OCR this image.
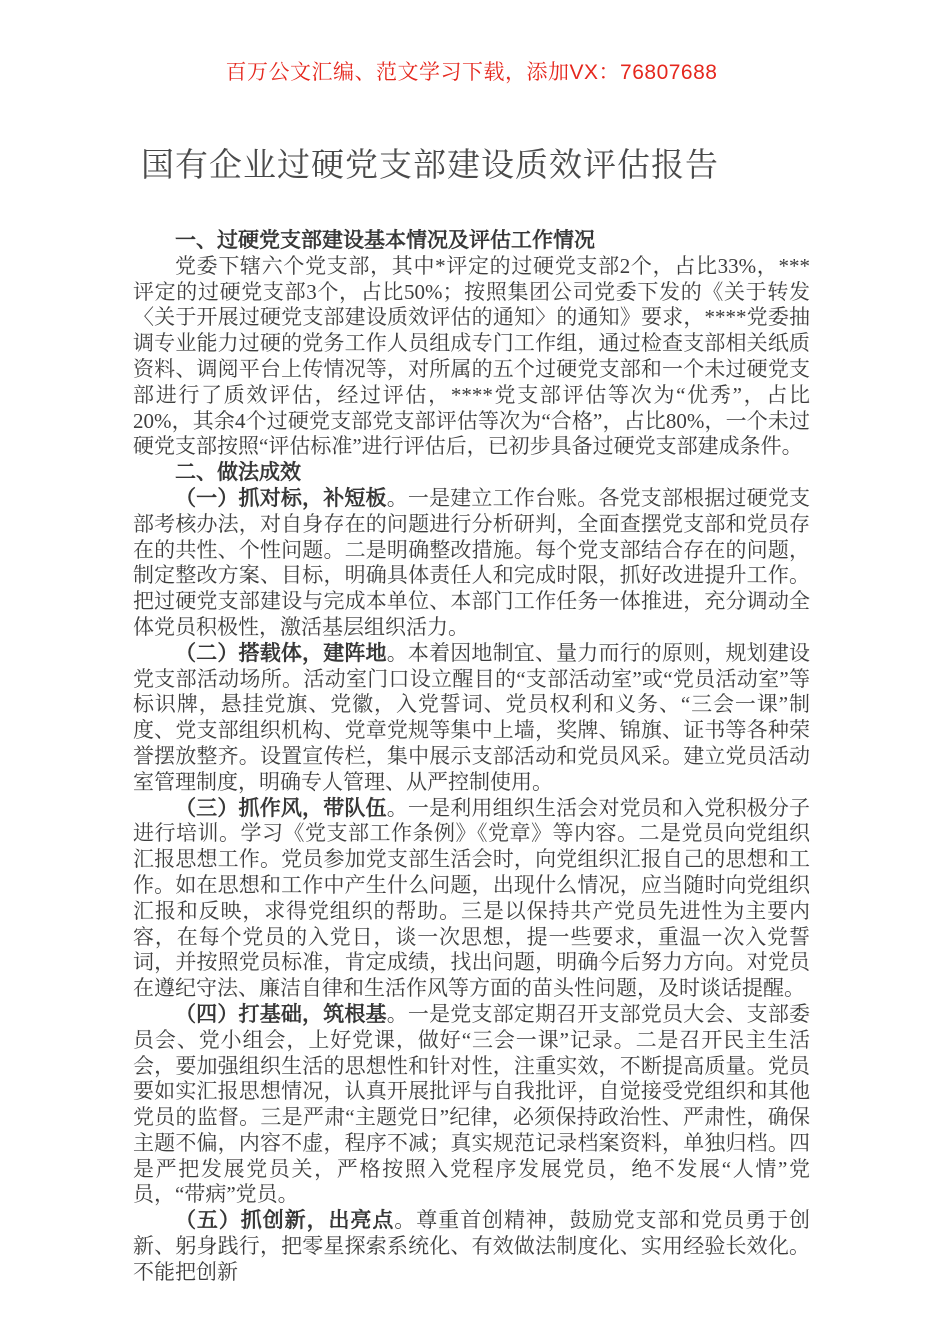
百万公文汇编、范文学习下载，添加VX：76807688
国有企业过硬党支部建设质效评估报告

一、过硬党支部建设基本情况及评估工作情况

党委下辖六个党支部，其中*评定的过硬党支部2个，占比33%，***评定的过硬党支部3个，占比50%；按照集团公司党委下发的《关于转发〈关于开展过硬党支部建设质效评估的通知〉的通知》要求，****党委抽调专业能力过硬的党务工作人员组成专门工作组，通过检查支部相关纸质资料、调阅平台上传情况等，对所属的五个过硬党支部和一个未过硬党支部进行了质效评估，经过评估，****党支部评估等次为“优秀”，占比20%，其余4个过硬党支部党支部评估等次为“合格”，占比80%，一个未过硬党支部按照“评估标准”进行评估后，已初步具备过硬党支部建成条件。

二、做法成效

（一）抓对标，补短板。一是建立工作台账。各党支部根据过硬党支部考核办法，对自身存在的问题进行分析研判，全面查摆党支部和党员存在的共性、个性问题。二是明确整改措施。每个党支部结合存在的问题，制定整改方案、目标，明确具体责任人和完成时限，抓好改进提升工作。把过硬党支部建设与完成本单位、本部门工作任务一体推进，充分调动全体党员积极性，激活基层组织活力。

（二）搭载体，建阵地。本着因地制宜、量力而行的原则，规划建设党支部活动场所。活动室门口设立醒目的“支部活动室”或“党员活动室”等标识牌，悬挂党旗、党徽，入党誓词、党员权利和义务、“三会一课”制度、党支部组织机构、党章党规等集中上墙，奖牌、锦旗、证书等各种荣誉摆放整齐。设置宣传栏，集中展示支部活动和党员风采。建立党员活动室管理制度，明确专人管理、从严控制使用。

（三）抓作风，带队伍。一是利用组织生活会对党员和入党积极分子进行培训。学习《党支部工作条例》《党章》等内容。二是党员向党组织汇报思想工作。党员参加党支部生活会时，向党组织汇报自己的思想和工作。如在思想和工作中产生什么问题，出现什么情况，应当随时向党组织汇报和反映，求得党组织的帮助。三是以保持共产党员先进性为主要内容，在每个党员的入党日，谈一次思想，提一些要求，重温一次入党誓词，并按照党员标准，肯定成绩，找出问题，明确今后努力方向。对党员在遵纪守法、廉洁自律和生活作风等方面的苗头性问题，及时谈话提醒。

（四）打基础，筑根基。一是党支部定期召开支部党员大会、支部委员会、党小组会，上好党课，做好“三会一课”记录。二是召开民主生活会，要加强组织生活的思想性和针对性，注重实效，不断提高质量。党员要如实汇报思想情况，认真开展批评与自我批评，自觉接受党组织和其他党员的监督。三是严肃“主题党日”纪律，必须保持政治性、严肃性，确保主题不偏，内容不虚，程序不减；真实规范记录档案资料，单独归档。四是严把发展党员关，严格按照入党程序发展党员，绝不发展“人情”党员，“带病”党员。

（五）抓创新，出亮点。尊重首创精神，鼓励党支部和党员勇于创新、躬身践行，把零星探索系统化、有效做法制度化、实用经验长效化。不能把创新
